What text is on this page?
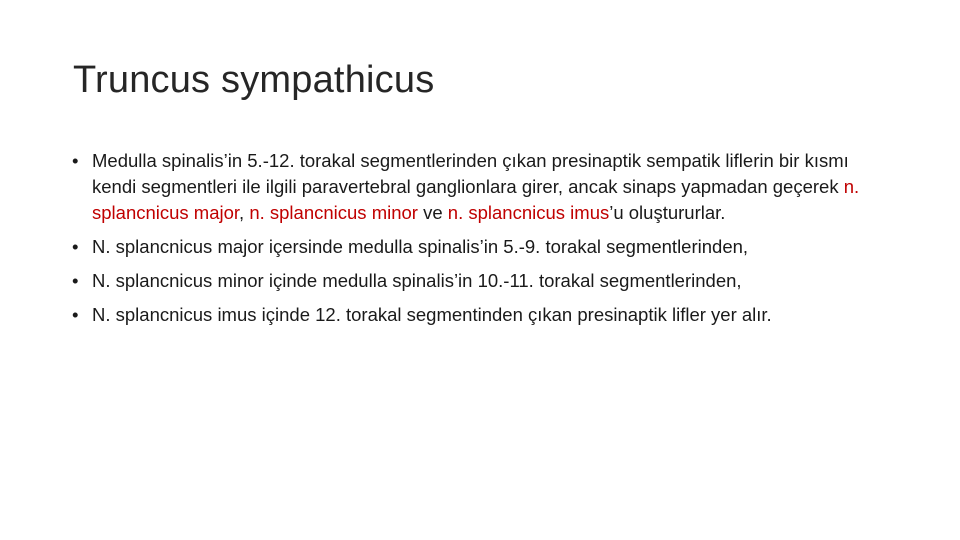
Truncus sympathicus
• Medulla spinalis’in 5.-12. torakal segmentlerinden çıkan presinaptik sempatik liflerin bir kısmı kendi segmentleri ile ilgili paravertebral ganglionlara girer, ancak sinaps yapmadan geçerek n. splancnicus major, n. splancnicus minor ve n. splancnicus imus’u oluştururlar.
• N. splancnicus major içersinde medulla spinalis’in 5.-9. torakal segmentlerinden,
• N. splancnicus minor içinde medulla spinalis’in 10.-11. torakal segmentlerinden,
• N. splancnicus imus içinde 12. torakal segmentinden çıkan presinaptik lifler yer alır.
